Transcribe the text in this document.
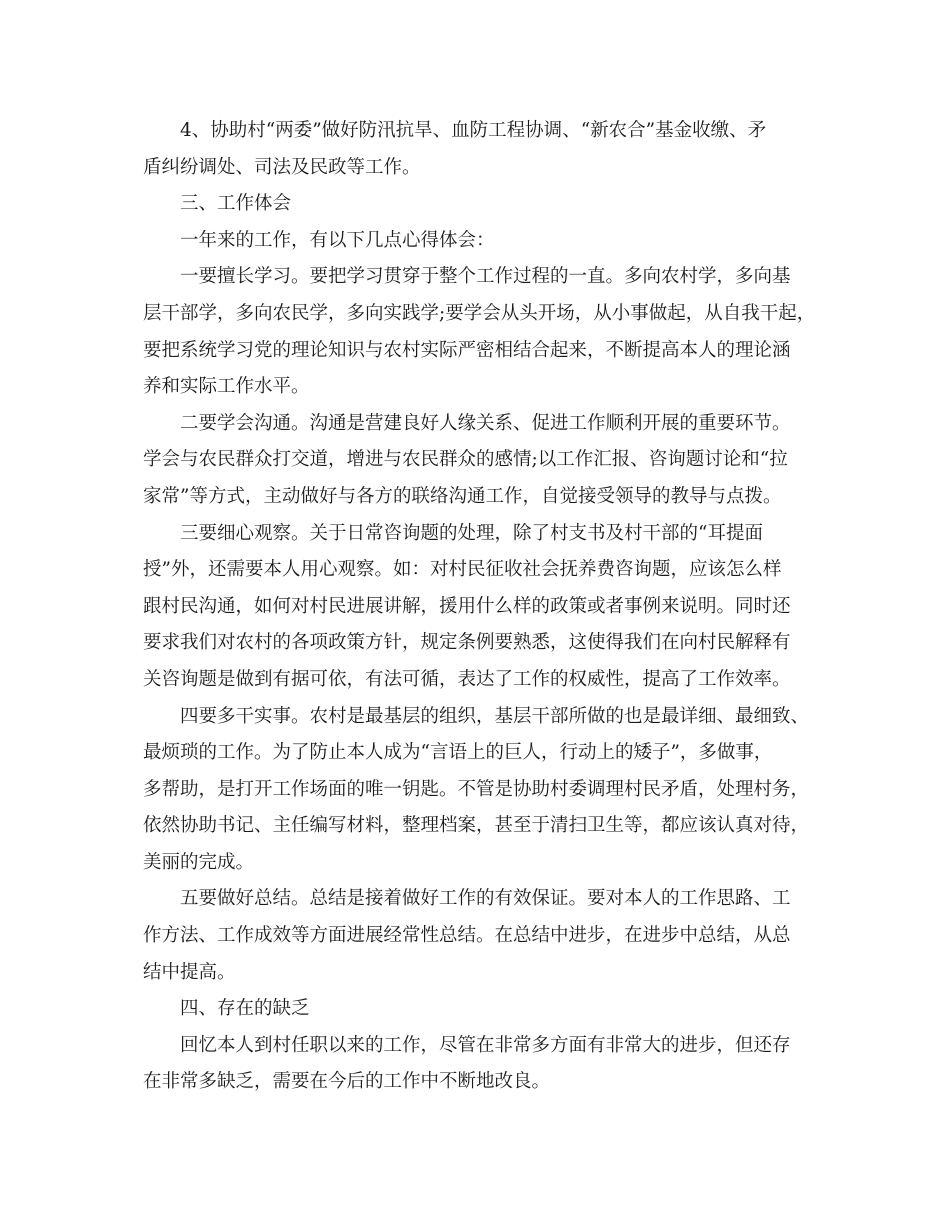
4、协助村“两委”做好防汛抗旱、血防工程协调、“新农合”基金收缴、矛
盾纠纷调处、司法及民政等工作。
三、工作体会
一年来的工作，有以下几点心得体会：
一要擅长学习。要把学习贯穿于整个工作过程的一直。多向农村学，多向基
层干部学，多向农民学，多向实践学;要学会从头开场，从小事做起，从自我干起，
要把系统学习党的理论知识与农村实际严密相结合起来，不断提高本人的理论涵
养和实际工作水平。
二要学会沟通。沟通是营建良好人缘关系、促进工作顺利开展的重要环节。
学会与农民群众打交道，增进与农民群众的感情;以工作汇报、咨询题讨论和“拉
家常”等方式，主动做好与各方的联络沟通工作，自觉接受领导的教导与点拨。
三要细心观察。关于日常咨询题的处理，除了村支书及村干部的“耳提面
授”外，还需要本人用心观察。如：对村民征收社会抚养费咨询题，应该怎么样
跟村民沟通，如何对村民进展讲解，援用什么样的政策或者事例来说明。同时还
要求我们对农村的各项政策方针，规定条例要熟悉，这使得我们在向村民解释有
关咨询题是做到有据可依，有法可循，表达了工作的权威性，提高了工作效率。
四要多干实事。农村是最基层的组织，基层干部所做的也是最详细、最细致、
最烦琐的工作。为了防止本人成为“言语上的巨人，行动上的矮子”，多做事，
多帮助，是打开工作场面的唯一钥匙。不管是协助村委调理村民矛盾，处理村务，
依然协助书记、主任编写材料，整理档案，甚至于清扫卫生等，都应该认真对待，
美丽的完成。
五要做好总结。总结是接着做好工作的有效保证。要对本人的工作思路、工
作方法、工作成效等方面进展经常性总结。在总结中进步，在进步中总结，从总
结中提高。
四、存在的缺乏
回忆本人到村任职以来的工作，尽管在非常多方面有非常大的进步，但还存
在非常多缺乏，需要在今后的工作中不断地改良。
